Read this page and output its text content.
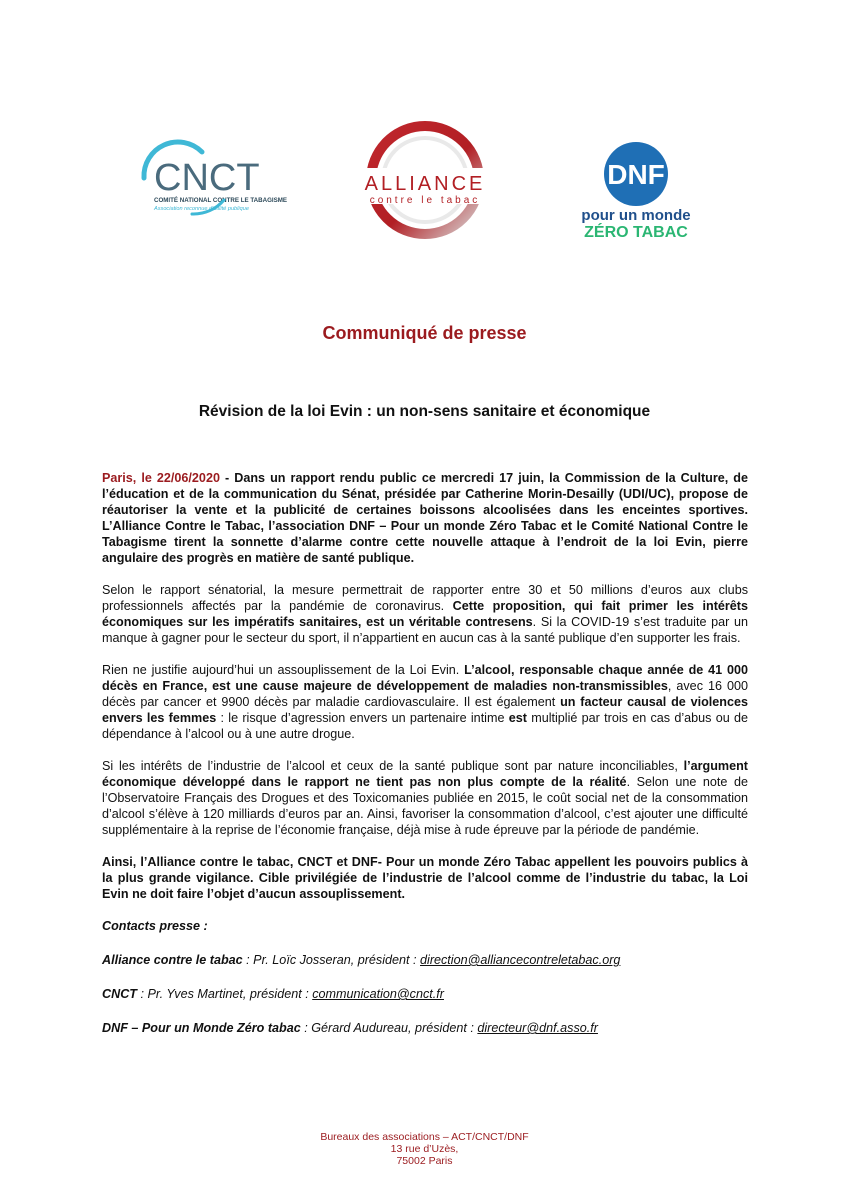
CNCT
COMITÉ NATIONAL CONTRE LE TABAGISME
Association reconnue d'utilité publique
ALLIANCE
contre le tabac
DNF
pour un monde
ZÉRO TABAC
Communiqué de presse
Révision de la loi Evin : un non-sens sanitaire et économique

Paris, le 22/06/2020 - Dans un rapport rendu public ce mercredi 17 juin, la Commission de la Culture, de l’éducation et de la communication du Sénat, présidée par Catherine Morin-Desailly (UDI/UC), propose de réautoriser la vente et la publicité de certaines boissons alcoolisées dans les enceintes sportives. L’Alliance Contre le Tabac, l’association DNF – Pour un monde Zéro Tabac et le Comité National Contre le Tabagisme tirent la sonnette d’alarme contre cette nouvelle attaque à l’endroit de la loi Evin, pierre angulaire des progrès en matière de santé publique.

Selon le rapport sénatorial, la mesure permettrait de rapporter entre 30 et 50 millions d’euros aux clubs professionnels affectés par la pandémie de coronavirus. Cette proposition, qui fait primer les intérêts économiques sur les impératifs sanitaires, est un véritable contresens. Si la COVID-19 s’est traduite par un manque à gagner pour le secteur du sport, il n’appartient en aucun cas à la santé publique d’en supporter les frais.

Rien ne justifie aujourd’hui un assouplissement de la Loi Evin. L’alcool, responsable chaque année de 41 000 décès en France, est une cause majeure de développement de maladies non-transmissibles, avec 16 000 décès par cancer et 9900 décès par maladie cardiovasculaire. Il est également un facteur causal de violences envers les femmes : le risque d’agression envers un partenaire intime est multiplié par trois en cas d’abus ou de dépendance à l’alcool ou à une autre drogue.

Si les intérêts de l’industrie de l’alcool et ceux de la santé publique sont par nature inconciliables, l’argument économique développé dans le rapport ne tient pas non plus compte de la réalité. Selon une note de l’Observatoire Français des Drogues et des Toxicomanies publiée en 2015, le coût social net de la consommation d’alcool s’élève à 120 milliards d’euros par an. Ainsi, favoriser la consommation d’alcool, c’est ajouter une difficulté supplémentaire à la reprise de l’économie française, déjà mise à rude épreuve par la période de pandémie.

Ainsi, l’Alliance contre le tabac, CNCT et DNF- Pour un monde Zéro Tabac appellent les pouvoirs publics à la plus grande vigilance. Cible privilégiée de l’industrie de l’alcool comme de l’industrie du tabac, la Loi Evin ne doit faire l’objet d’aucun assouplissement.

Contacts presse :

Alliance contre le tabac : Pr. Loïc Josseran, président : direction@alliancecontreletabac.org

CNCT : Pr. Yves Martinet, président : communication@cnct.fr

DNF – Pour un Monde Zéro tabac : Gérard Audureau, président : directeur@dnf.asso.fr

Bureaux des associations – ACT/CNCT/DNF
13 rue d’Uzès,
75002 Paris
